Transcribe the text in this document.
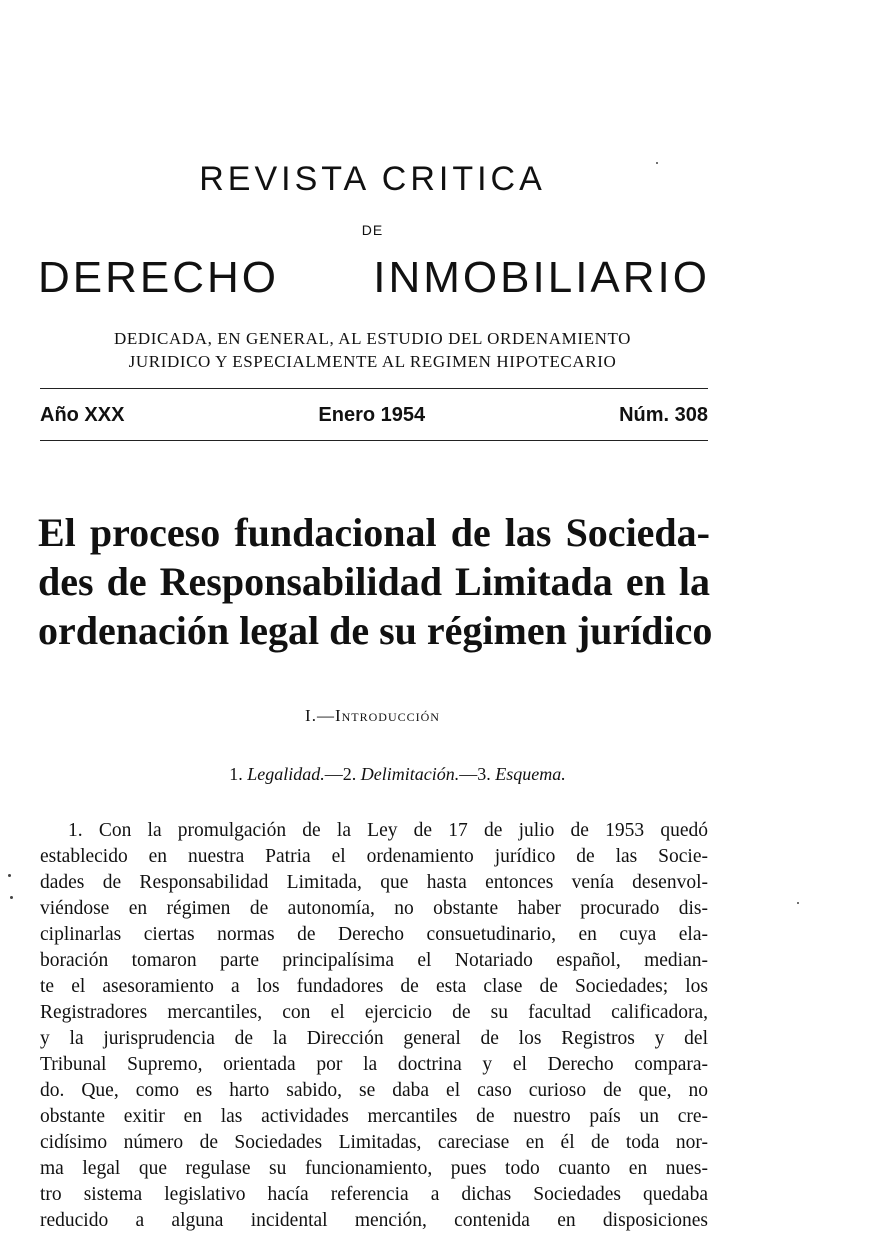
REVISTA CRITICA
DE
DERECHO INMOBILIARIO
DEDICADA, EN GENERAL, AL ESTUDIO DEL ORDENAMIENTO
JURIDICO Y ESPECIALMENTE AL REGIMEN HIPOTECARIO
Año XXX	Enero 1954	Núm. 308
El proceso fundacional de las Socieda-
des de Responsabilidad Limitada en la
ordenación legal de su régimen jurídico
I.—Introducción
1. Legalidad.—2. Delimitación.—3. Esquema.
1. Con la promulgación de la Ley de 17 de julio de 1953 quedó
establecido en nuestra Patria el ordenamiento jurídico de las Socie-
dades de Responsabilidad Limitada, que hasta entonces venía desenvol-
viéndose en régimen de autonomía, no obstante haber procurado dis-
ciplinarlas ciertas normas de Derecho consuetudinario, en cuya ela-
boración tomaron parte principalísima el Notariado español, median-
te el asesoramiento a los fundadores de esta clase de Sociedades; los
Registradores mercantiles, con el ejercicio de su facultad calificadora,
y la jurisprudencia de la Dirección general de los Registros y del
Tribunal Supremo, orientada por la doctrina y el Derecho compara-
do. Que, como es harto sabido, se daba el caso curioso de que, no
obstante exitir en las actividades mercantiles de nuestro país un cre-
cidísimo número de Sociedades Limitadas, careciase en él de toda nor-
ma legal que regulase su funcionamiento, pues todo cuanto en nues-
tro sistema legislativo hacía referencia a dichas Sociedades quedaba
reducido a alguna incidental mención, contenida en disposiciones
